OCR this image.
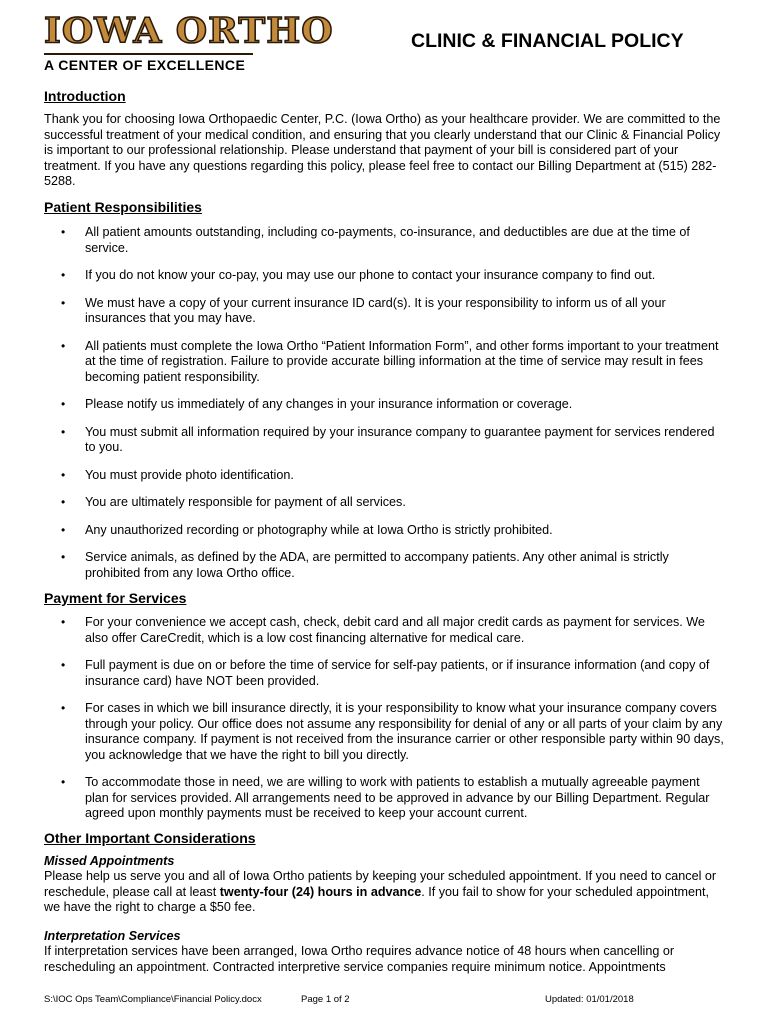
IOWA ORTHO
A CENTER OF EXCELLENCE
CLINIC & FINANCIAL POLICY
Introduction
Thank you for choosing Iowa Orthopaedic Center, P.C. (Iowa Ortho) as your healthcare provider. We are committed to the successful treatment of your medical condition, and ensuring that you clearly understand that our Clinic & Financial Policy is important to our professional relationship. Please understand that payment of your bill is considered part of your treatment. If you have any questions regarding this policy, please feel free to contact our Billing Department at (515) 282-5288.
Patient Responsibilities
• All patient amounts outstanding, including co-payments, co-insurance, and deductibles are due at the time of service.
• If you do not know your co-pay, you may use our phone to contact your insurance company to find out.
• We must have a copy of your current insurance ID card(s). It is your responsibility to inform us of all your insurances that you may have.
• All patients must complete the Iowa Ortho “Patient Information Form”, and other forms important to your treatment at the time of registration. Failure to provide accurate billing information at the time of service may result in fees becoming patient responsibility.
• Please notify us immediately of any changes in your insurance information or coverage.
• You must submit all information required by your insurance company to guarantee payment for services rendered to you.
• You must provide photo identification.
• You are ultimately responsible for payment of all services.
• Any unauthorized recording or photography while at Iowa Ortho is strictly prohibited.
• Service animals, as defined by the ADA, are permitted to accompany patients. Any other animal is strictly prohibited from any Iowa Ortho office.
Payment for Services
• For your convenience we accept cash, check, debit card and all major credit cards as payment for services. We also offer CareCredit, which is a low cost financing alternative for medical care.
• Full payment is due on or before the time of service for self-pay patients, or if insurance information (and copy of insurance card) have NOT been provided.
• For cases in which we bill insurance directly, it is your responsibility to know what your insurance company covers through your policy. Our office does not assume any responsibility for denial of any or all parts of your claim by any insurance company. If payment is not received from the insurance carrier or other responsible party within 90 days, you acknowledge that we have the right to bill you directly.
• To accommodate those in need, we are willing to work with patients to establish a mutually agreeable payment plan for services provided. All arrangements need to be approved in advance by our Billing Department. Regular agreed upon monthly payments must be received to keep your account current.
Other Important Considerations
Missed Appointments
Please help us serve you and all of Iowa Ortho patients by keeping your scheduled appointment. If you need to cancel or reschedule, please call at least twenty-four (24) hours in advance. If you fail to show for your scheduled appointment, we have the right to charge a $50 fee.
Interpretation Services
If interpretation services have been arranged, Iowa Ortho requires advance notice of 48 hours when cancelling or rescheduling an appointment. Contracted interpretive service companies require minimum notice. Appointments
S:\IOC Ops Team\Compliance\Financial Policy.docx	Page 1 of 2	Updated: 01/01/2018
